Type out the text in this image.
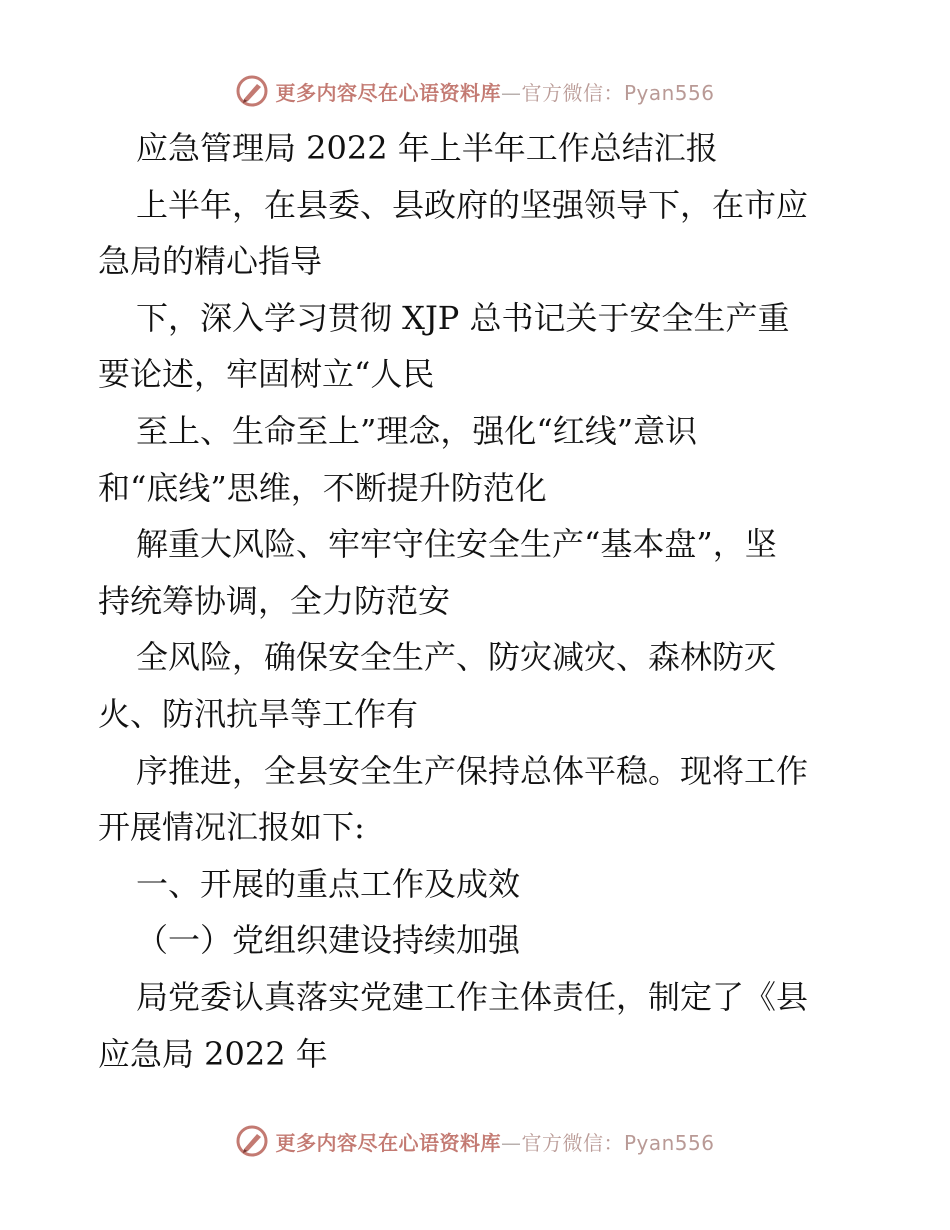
更多内容尽在心语资料库—官方微信：Pyan556
应急管理局 2022 年上半年工作总结汇报
上半年，在县委、县政府的坚强领导下，在市应
急局的精心指导
下，深入学习贯彻 XJP 总书记关于安全生产重
要论述，牢固树立“人民
至上、生命至上”理念，强化“红线”意识
和“底线”思维，不断提升防范化
解重大风险、牢牢守住安全生产“基本盘”，坚
持统筹协调，全力防范安
全风险，确保安全生产、防灾减灾、森林防灭
火、防汛抗旱等工作有
序推进，全县安全生产保持总体平稳。现将工作
开展情况汇报如下:
一、开展的重点工作及成效
（一）党组织建设持续加强
局党委认真落实党建工作主体责任，制定了《县
应急局 2022 年
更多内容尽在心语资料库—官方微信：Pyan556
